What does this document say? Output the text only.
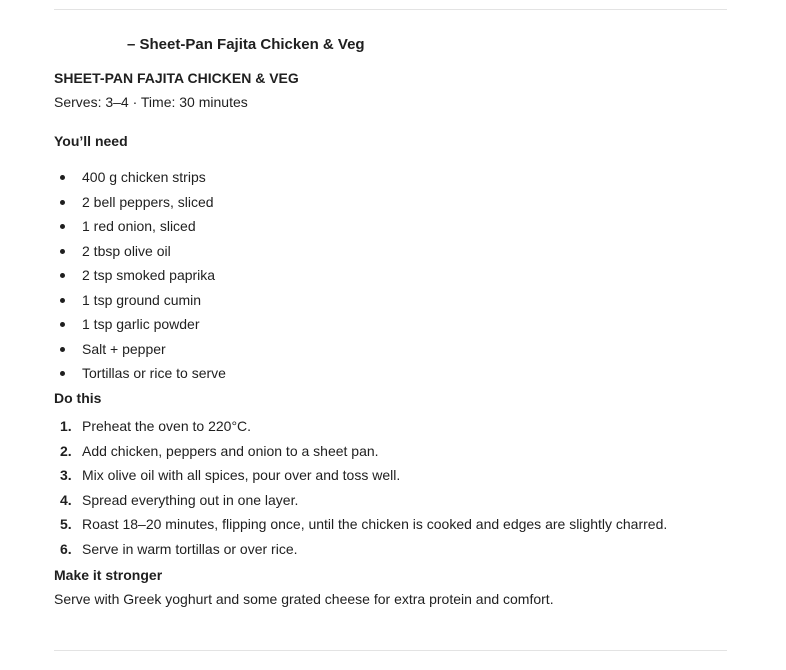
– Sheet-Pan Fajita Chicken & Veg

SHEET-PAN FAJITA CHICKEN & VEG

Serves: 3–4 · Time: 30 minutes

You’ll need

400 g chicken strips
2 bell peppers, sliced
1 red onion, sliced
2 tbsp olive oil
2 tsp smoked paprika
1 tsp ground cumin
1 tsp garlic powder
Salt + pepper
Tortillas or rice to serve

Do this

1. Preheat the oven to 220°C.
2. Add chicken, peppers and onion to a sheet pan.
3. Mix olive oil with all spices, pour over and toss well.
4. Spread everything out in one layer.
5. Roast 18–20 minutes, flipping once, until the chicken is cooked and edges are slightly charred.
6. Serve in warm tortillas or over rice.

Make it stronger

Serve with Greek yoghurt and some grated cheese for extra protein and comfort.
